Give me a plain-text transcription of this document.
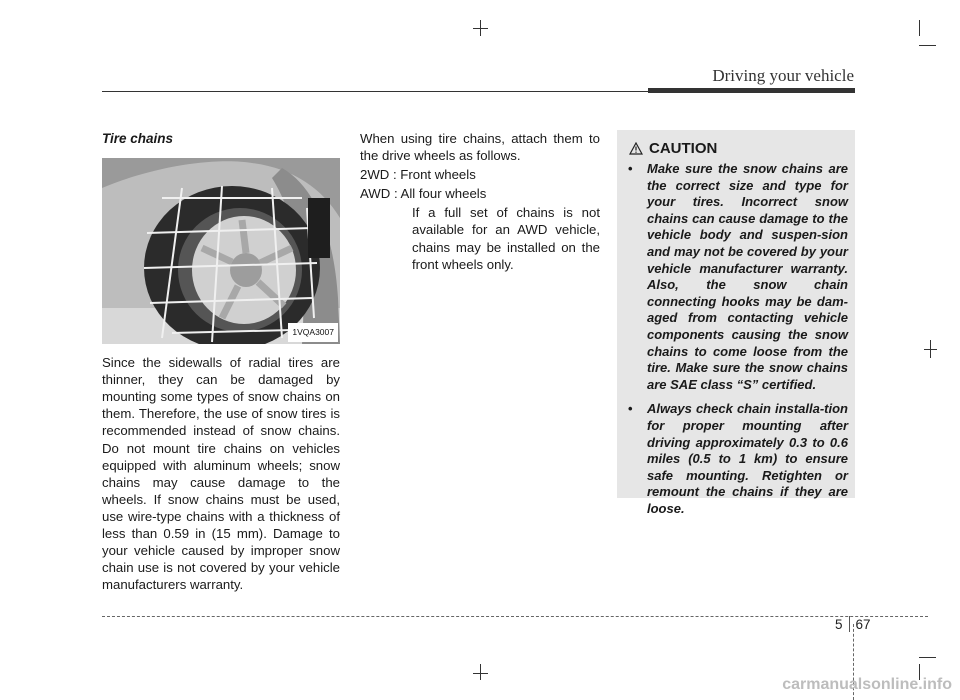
Driving your vehicle
Tire chains
1VQA3007
Since the sidewalls of radial tires are thinner, they can be damaged by mounting some types of snow chains on them. Therefore, the use of snow tires is recommended instead of snow chains. Do not mount tire chains on vehicles equipped with aluminum wheels; snow chains may cause damage to the wheels. If snow chains must be used, use wire-type chains with a thickness of less than 0.59 in (15 mm). Damage to your vehicle caused by improper snow chain use is not covered by your vehicle manufacturers warranty.
When using tire chains, attach them to the drive wheels as follows.
2WD : Front wheels
AWD : All four wheels
If a full set of chains is not available for an AWD vehicle, chains may be installed on the front wheels only.
CAUTION
• Make sure the snow chains are the correct size and type for your tires. Incorrect snow chains can cause damage to the vehicle body and suspen-sion and may not be covered by your vehicle manufacturer warranty. Also, the snow chain connecting hooks may be dam-aged from contacting vehicle components causing the snow chains to come loose from the tire. Make sure the snow chains are SAE class “S” certified.
• Always check chain installa-tion for proper mounting after driving approximately 0.3 to 0.6 miles (0.5 to 1 km) to ensure safe mounting. Retighten or remount the chains if they are loose.
5 67
carmanualsonline.info
